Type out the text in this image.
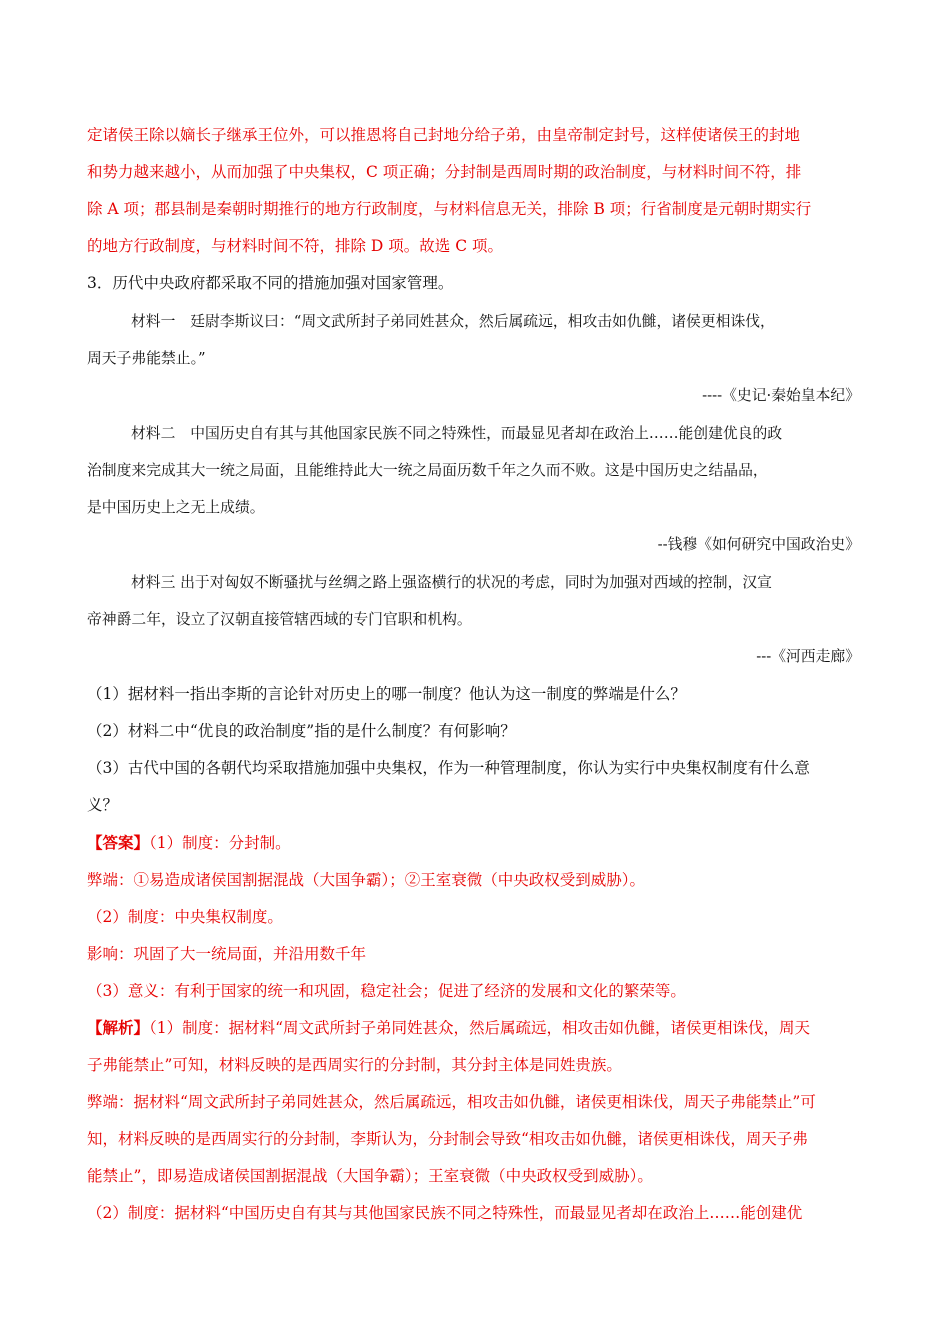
定诸侯王除以嫡长子继承王位外，可以推恩将自己封地分给子弟，由皇帝制定封号，这样使诸侯王的封地
和势力越来越小，从而加强了中央集权，C 项正确；分封制是西周时期的政治制度，与材料时间不符，排
除 A 项；郡县制是秦朝时期推行的地方行政制度，与材料信息无关，排除 B 项；行省制度是元朝时期实行
的地方行政制度，与材料时间不符，排除 D 项。故选 C 项。
3．历代中央政府都采取不同的措施加强对国家管理。
材料一　廷尉李斯议曰：“周文武所封子弟同姓甚众，然后属疏远，相攻击如仇雠，诸侯更相诛伐，
周天子弗能禁止。”
----《史记·秦始皇本纪》
材料二　中国历史自有其与其他国家民族不同之特殊性，而最显见者却在政治上……能创建优良的政
治制度来完成其大一统之局面，且能维持此大一统之局面历数千年之久而不败。这是中国历史之结晶品，
是中国历史上之无上成绩。
--钱穆《如何研究中国政治史》
材料三 出于对匈奴不断骚扰与丝绸之路上强盗横行的状况的考虑，同时为加强对西域的控制，汉宣
帝神爵二年，设立了汉朝直接管辖西域的专门官职和机构。
---《河西走廊》
（1）据材料一指出李斯的言论针对历史上的哪一制度？他认为这一制度的弊端是什么？
（2）材料二中“优良的政治制度”指的是什么制度？有何影响？
（3）古代中国的各朝代均采取措施加强中央集权，作为一种管理制度，你认为实行中央集权制度有什么意
义？
【答案】（1）制度：分封制。
弊端：①易造成诸侯国割据混战（大国争霸）；②王室衰微（中央政权受到威胁）。
（2）制度：中央集权制度。
影响：巩固了大一统局面，并沿用数千年
（3）意义：有利于国家的统一和巩固，稳定社会；促进了经济的发展和文化的繁荣等。
【解析】（1）制度：据材料“周文武所封子弟同姓甚众，然后属疏远，相攻击如仇雠，诸侯更相诛伐，周天
子弗能禁止”可知，材料反映的是西周实行的分封制，其分封主体是同姓贵族。
弊端：据材料“周文武所封子弟同姓甚众，然后属疏远，相攻击如仇雠，诸侯更相诛伐，周天子弗能禁止”可
知，材料反映的是西周实行的分封制，李斯认为，分封制会导致“相攻击如仇雠，诸侯更相诛伐，周天子弗
能禁止”，即易造成诸侯国割据混战（大国争霸）；王室衰微（中央政权受到威胁）。
（2）制度：据材料“中国历史自有其与其他国家民族不同之特殊性，而最显见者却在政治上……能创建优
